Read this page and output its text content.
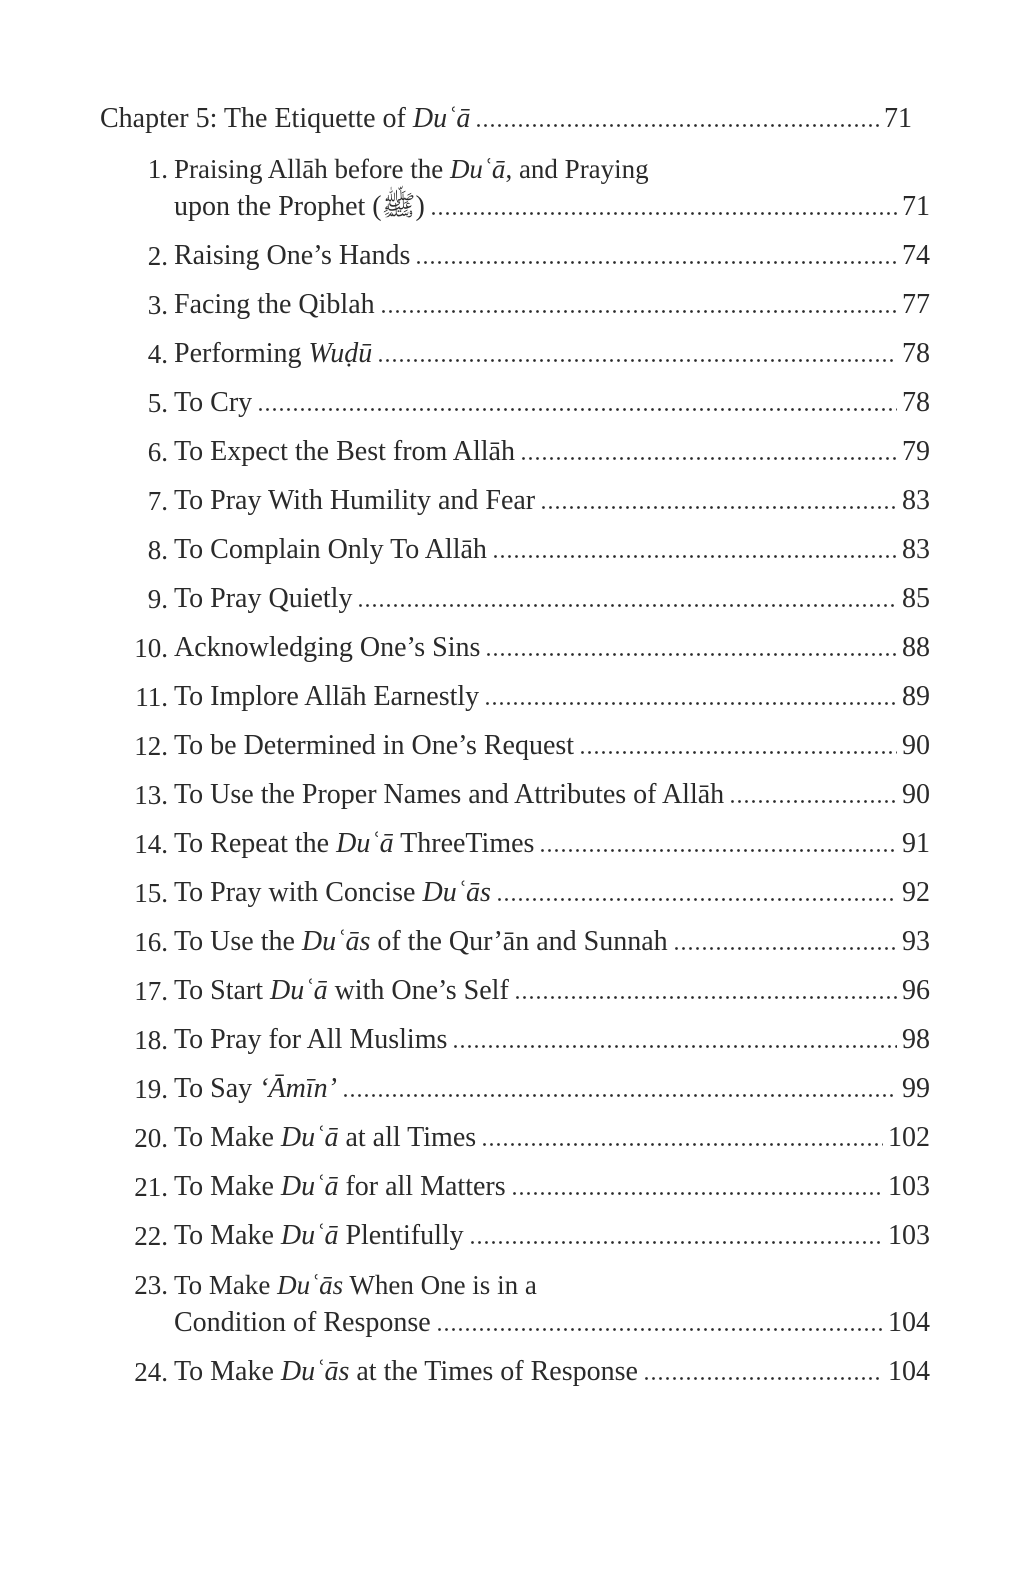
Chapter 5: The Etiquette of Duʿā	71
1. Praising Allāh before the Duʿā, and Praying
upon the Prophet (ﷺ)	71
2. Raising One’s Hands	74
3. Facing the Qiblah	77
4. Performing Wuḍū	78
5. To Cry	78
6. To Expect the Best from Allāh	79
7. To Pray With Humility and Fear	83
8. To Complain Only To Allāh	83
9. To Pray Quietly	85
10. Acknowledging One’s Sins	88
11. To Implore Allāh Earnestly	89
12. To be Determined in One’s Request	90
13. To Use the Proper Names and Attributes of Allāh	90
14. To Repeat the Duʿā ThreeTimes	91
15. To Pray with Concise Duʿās	92
16. To Use the Duʿās of the Qur’ān and Sunnah	93
17. To Start Duʿā with One’s Self	96
18. To Pray for All Muslims	98
19. To Say ‘Āmīn’	99
20. To Make Duʿā at all Times	102
21. To Make Duʿā for all Matters	103
22. To Make Duʿā Plentifully	103
23. To Make Duʿās When One is in a
Condition of Response	104
24. To Make Duʿās at the Times of Response	104
